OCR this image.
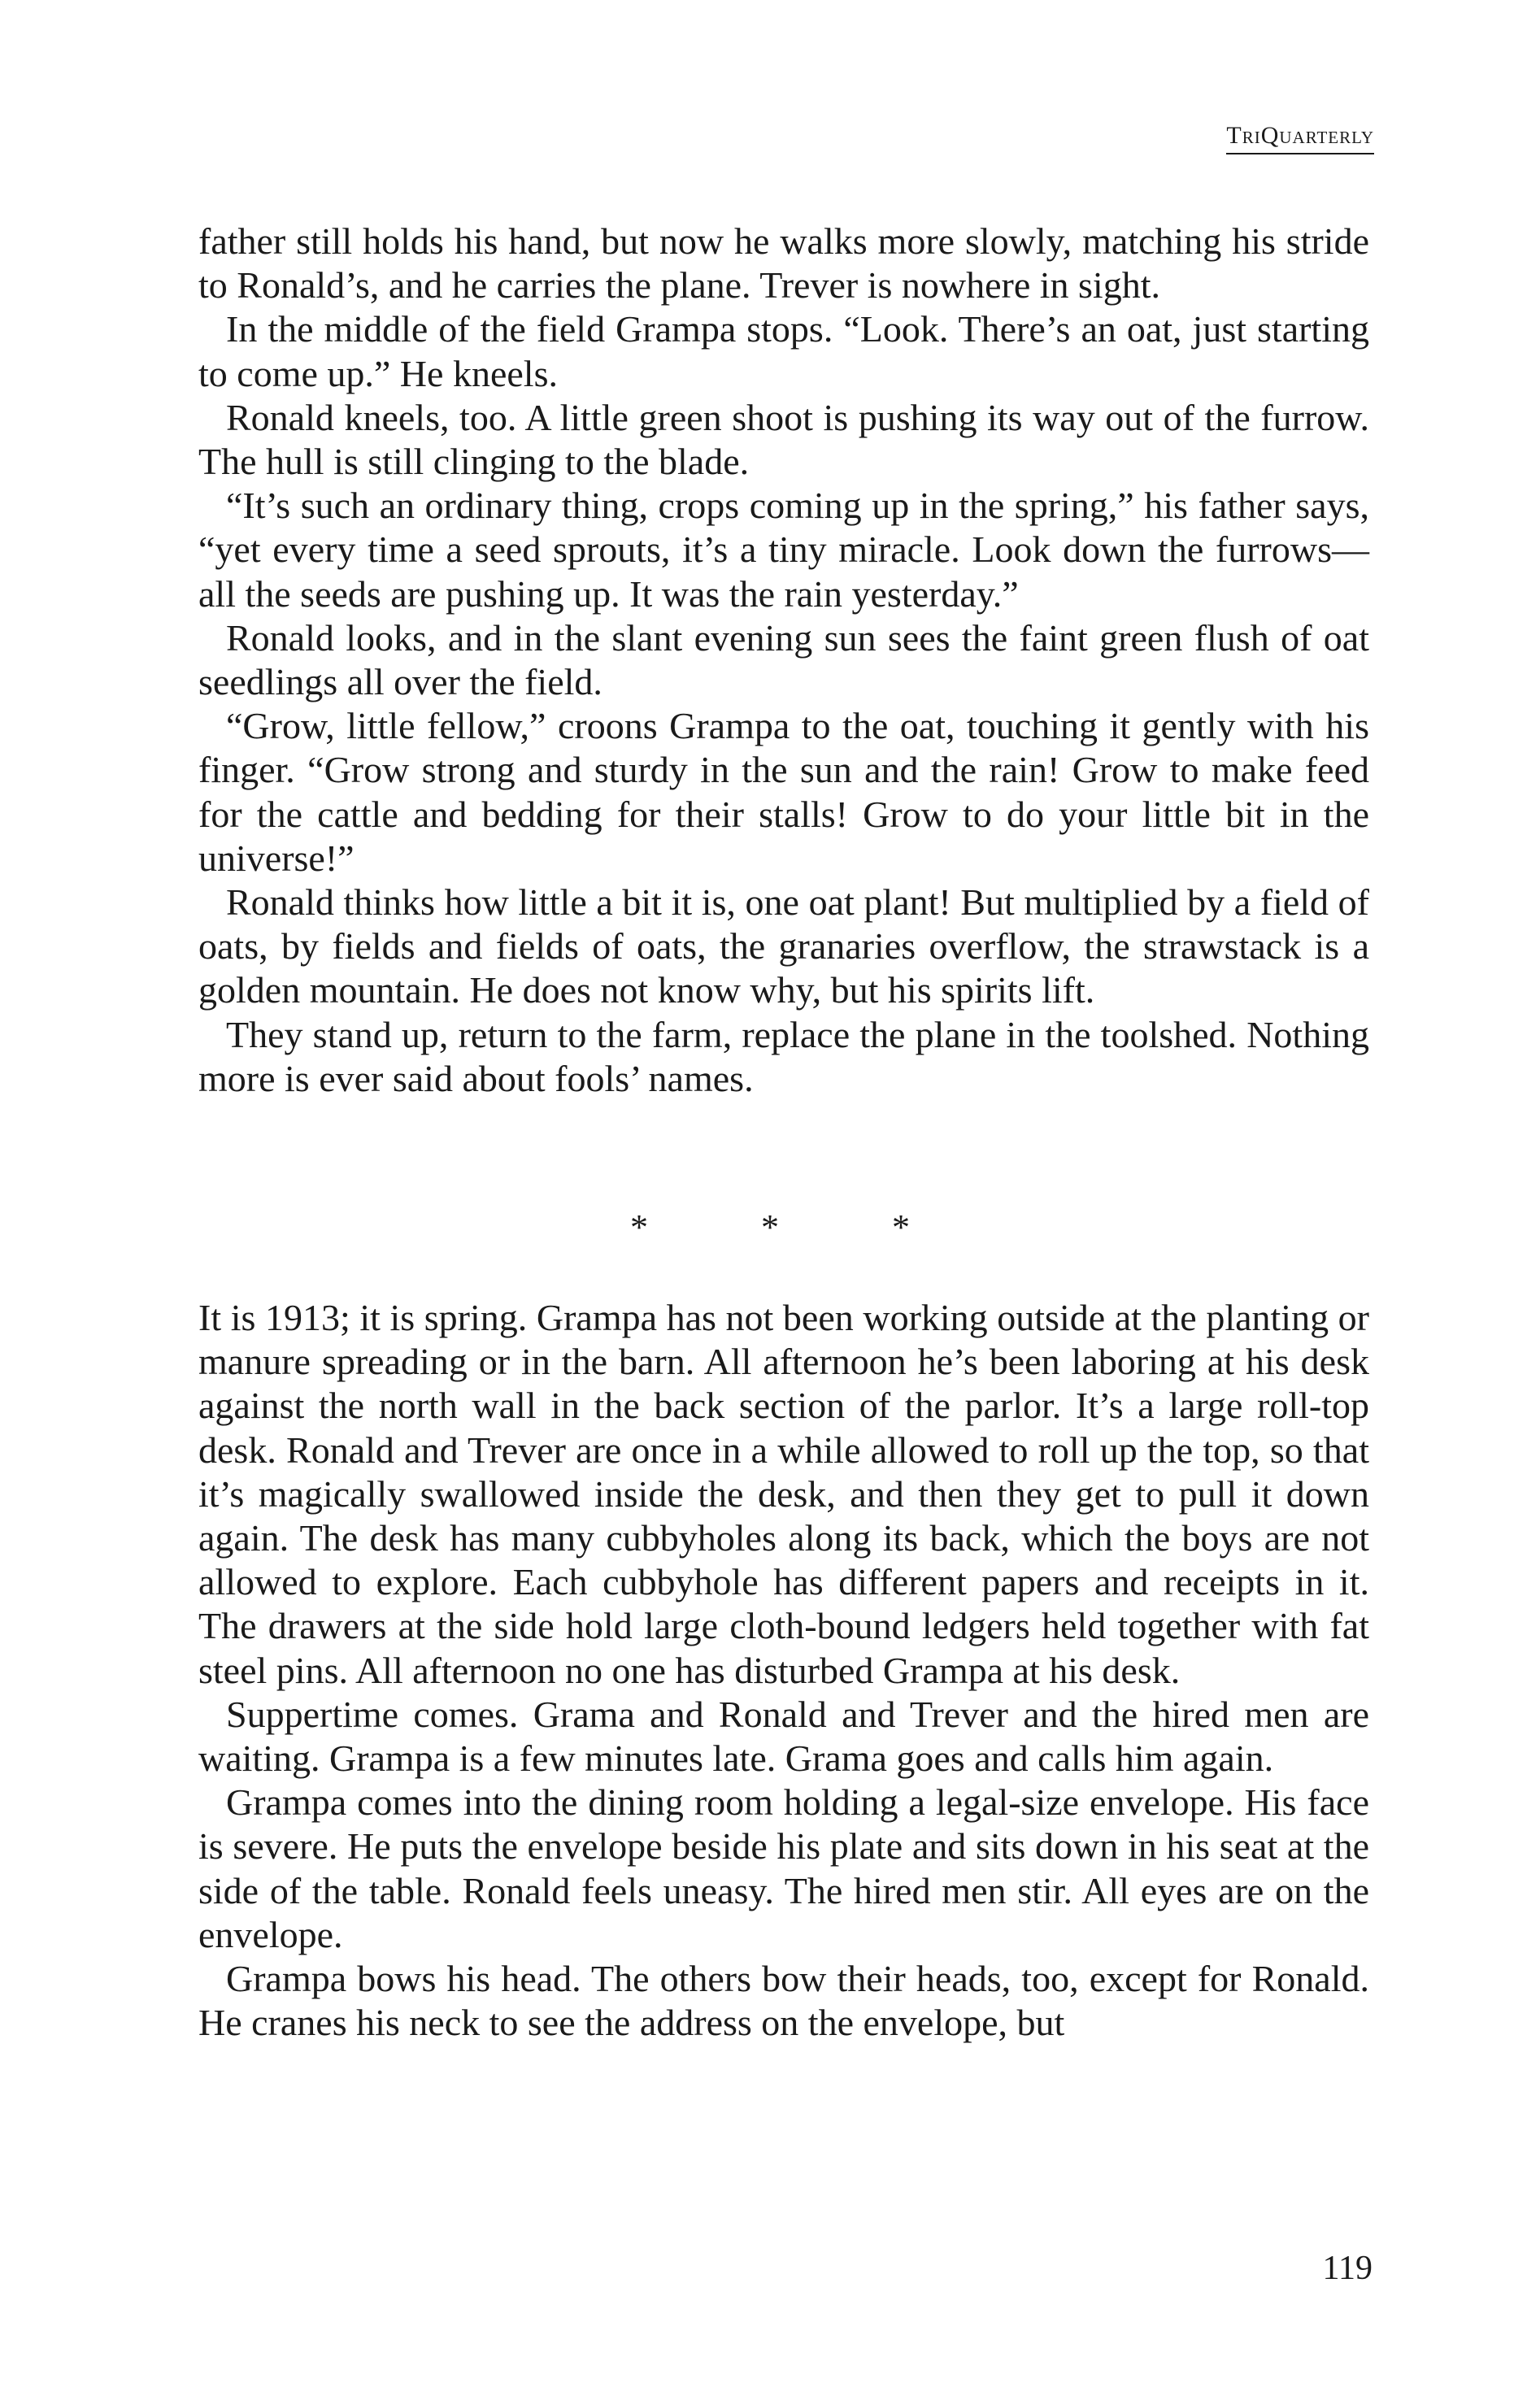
TriQuarterly

father still holds his hand, but now he walks more slowly, matching his stride to Ronald’s, and he carries the plane. Trever is nowhere in sight.

In the middle of the field Grampa stops. “Look. There’s an oat, just starting to come up.” He kneels.

Ronald kneels, too. A little green shoot is pushing its way out of the furrow. The hull is still clinging to the blade.

“It’s such an ordinary thing, crops coming up in the spring,” his father says, “yet every time a seed sprouts, it’s a tiny miracle. Look down the furrows—all the seeds are pushing up. It was the rain yesterday.”

Ronald looks, and in the slant evening sun sees the faint green flush of oat seedlings all over the field.

“Grow, little fellow,” croons Grampa to the oat, touching it gently with his finger. “Grow strong and sturdy in the sun and the rain! Grow to make feed for the cattle and bedding for their stalls! Grow to do your little bit in the universe!”

Ronald thinks how little a bit it is, one oat plant! But multiplied by a field of oats, by fields and fields of oats, the granaries overflow, the strawstack is a golden mountain. He does not know why, but his spirits lift.

They stand up, return to the farm, replace the plane in the toolshed. Nothing more is ever said about fools’ names.

*	*	*

It is 1913; it is spring. Grampa has not been working outside at the planting or manure spreading or in the barn. All afternoon he’s been laboring at his desk against the north wall in the back section of the parlor. It’s a large roll-top desk. Ronald and Trever are once in a while allowed to roll up the top, so that it’s magically swallowed inside the desk, and then they get to pull it down again. The desk has many cubbyholes along its back, which the boys are not allowed to explore. Each cubbyhole has different papers and receipts in it. The drawers at the side hold large cloth-bound ledgers held together with fat steel pins. All afternoon no one has disturbed Grampa at his desk.

Suppertime comes. Grama and Ronald and Trever and the hired men are waiting. Grampa is a few minutes late. Grama goes and calls him again.

Grampa comes into the dining room holding a legal-size envelope. His face is severe. He puts the envelope beside his plate and sits down in his seat at the side of the table. Ronald feels uneasy. The hired men stir. All eyes are on the envelope.

Grampa bows his head. The others bow their heads, too, except for Ronald. He cranes his neck to see the address on the envelope, but

119
